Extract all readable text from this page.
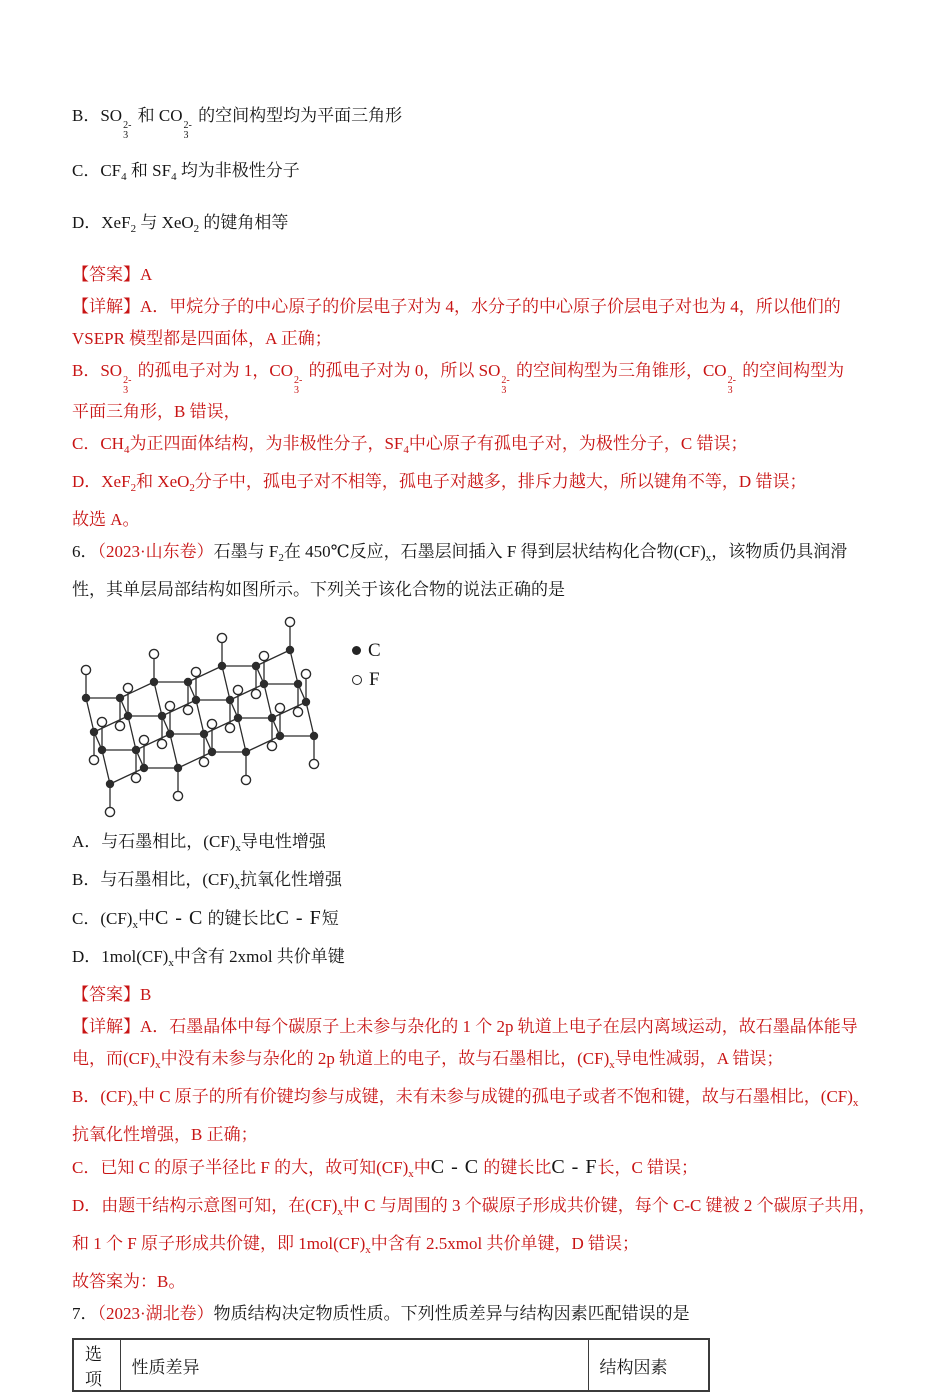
B．SO
2-
3
和 CO
2-
3
的空间构型均为平面三角形
C．$CF_4$ 和 $SF_4$ 均为非极性分子
D．XeF$_2$ 与 XeO$_2$ 的键角相等
【答案】A
【详解】A．甲烷分子的中心原子的价层电子对为 4，水分子的中心原子价层电子对也为 4，所以他们的
VSEPR 模型都是四面体，A 正确；
B．SO
2-
3
的孤电子对为 1，CO
2-
3
的孤电子对为 0，所以 SO
2-
3
的空间构型为三角锥形，CO
2-
3
的空间构型为
平面三角形，B 错误，
C．$CH_4$为正四面体结构，为非极性分子，$SF_4$中心原子有孤电子对，为极性分子，C 错误；
D．XeF$_2$和 XeO$_2$分子中，孤电子对不相等，孤电子对越多，排斥力越大，所以键角不等，D 错误；
故选 A。
6．（2023·山东卷）石墨与 $F_2$在 450℃反应，石墨层间插入 F 得到层状结构化合物$(CF)_x$，该物质仍具润滑
性，其单层局部结构如图所示。下列关于该化合物的说法正确的是
C
F
A．与石墨相比，$(CF)_x$导电性增强
B．与石墨相比，$(CF)_x$抗氧化性增强
C．$(CF)_x$中C - C 的键长比C - F短
D．$1mol(CF)_x$中含有 2xmol 共价单键
【答案】B
【详解】A．石墨晶体中每个碳原子上未参与杂化的 1 个 2p 轨道上电子在层内离域运动，故石墨晶体能导
电，而$(CF)_x$中没有未参与杂化的 2p 轨道上的电子，故与石墨相比，$(CF)_x$导电性减弱，A 错误；
B．$(CF)_x$中 C 原子的所有价键均参与成键，未有未参与成键的孤电子或者不饱和键，故与石墨相比，$(CF)_x$
抗氧化性增强，B 正确；
C．已知 C 的原子半径比 F 的大，故可知$(CF)_x$中C - C 的键长比C - F长，C 错误；
D．由题干结构示意图可知，在$(CF)_x$中 C 与周围的 3 个碳原子形成共价键，每个 C-C 键被 2 个碳原子共用，
和 1 个 F 原子形成共价键，即 $1mol(CF)_x$中含有 2.5xmol 共价单键，D 错误；
故答案为：B。
7．（2023·湖北卷）物质结构决定物质性质。下列性质差异与结构因素匹配错误的是
选项	性质差异	结构因素
